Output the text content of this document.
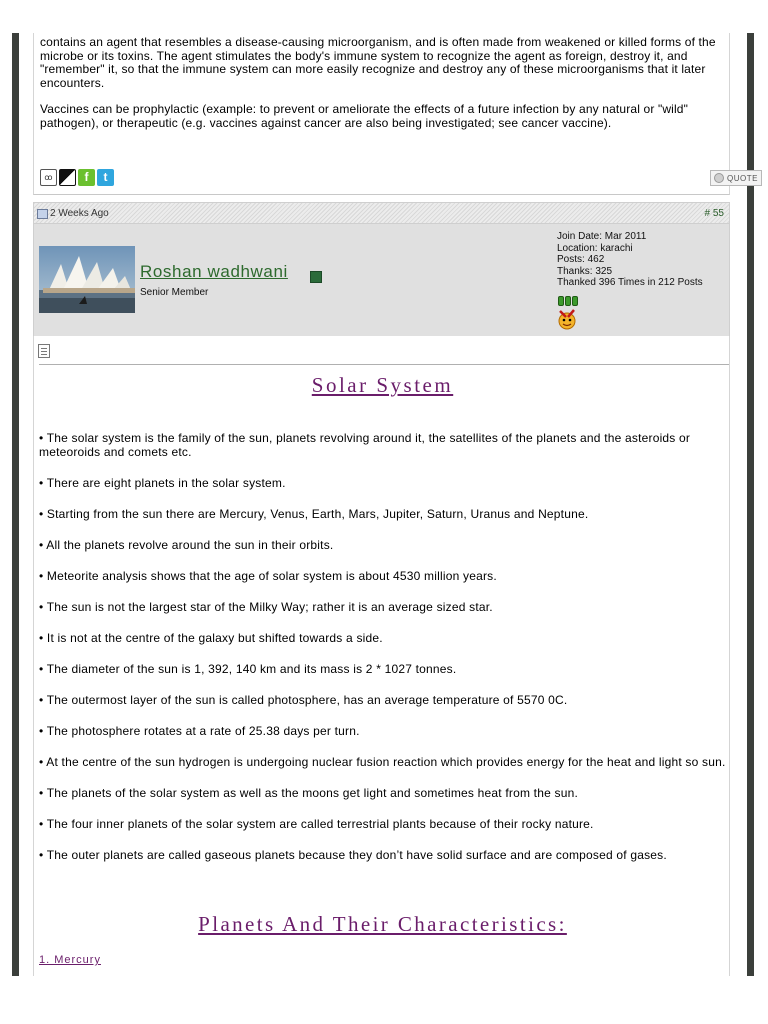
contains an agent that resembles a disease-causing microorganism, and is often made from weakened or killed forms of the microbe or its toxins. The agent stimulates the body's immune system to recognize the agent as foreign, destroy it, and "remember" it, so that the immune system can more easily recognize and destroy any of these microorganisms that it later encounters.

Vaccines can be prophylactic (example: to prevent or ameliorate the effects of a future infection by any natural or "wild" pathogen), or therapeutic (e.g. vaccines against cancer are also being investigated; see cancer vaccine).

ꝏ	f	t	QUOTE
2 Weeks Ago	# 55
Roshan wadhwani
Senior Member
Join Date: Mar 2011
Location: karachi
Posts: 462
Thanks: 325
Thanked 396 Times in 212 Posts
Solar System

• The solar system is the family of the sun, planets revolving around it, the satellites of the planets and the asteroids or meteoroids and comets etc.

• There are eight planets in the solar system.

• Starting from the sun there are Mercury, Venus, Earth, Mars, Jupiter, Saturn, Uranus and Neptune.

• All the planets revolve around the sun in their orbits.

• Meteorite analysis shows that the age of solar system is about 4530 million years.

• The sun is not the largest star of the Milky Way; rather it is an average sized star.

• It is not at the centre of the galaxy but shifted towards a side.

• The diameter of the sun is 1, 392, 140 km and its mass is 2 * 1027 tonnes.

• The outermost layer of the sun is called photosphere, has an average temperature of 5570 0C.

• The photosphere rotates at a rate of 25.38 days per turn.

• At the centre of the sun hydrogen is undergoing nuclear fusion reaction which provides energy for the heat and light so sun.

• The planets of the solar system as well as the moons get light and sometimes heat from the sun.

• The four inner planets of the solar system are called terrestrial plants because of their rocky nature.

• The outer planets are called gaseous planets because they don’t have solid surface and are composed of gases.

Planets And Their Characteristics:
1. Mercury
